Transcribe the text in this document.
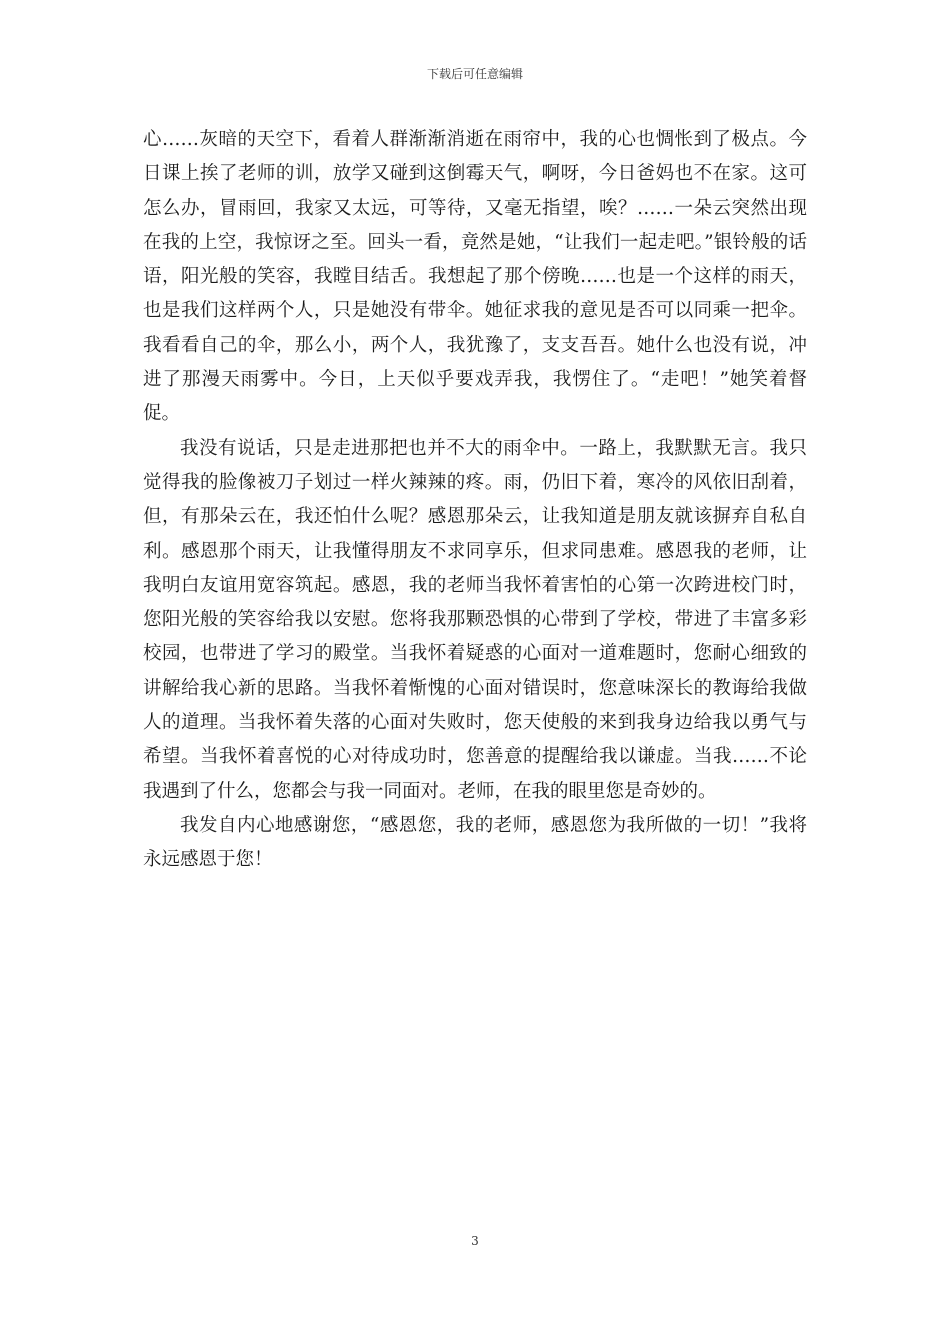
下载后可任意编辑

心……灰暗的天空下，看着人群渐渐消逝在雨帘中，我的心也惆怅到了极点。今日课上挨了老师的训，放学又碰到这倒霉天气，啊呀，今日爸妈也不在家。这可怎么办，冒雨回，我家又太远，可等待，又毫无指望，唉？……一朵云突然出现在我的上空，我惊讶之至。回头一看，竟然是她，“让我们一起走吧。”银铃般的话语，阳光般的笑容，我瞠目结舌。我想起了那个傍晚……也是一个这样的雨天，也是我们这样两个人，只是她没有带伞。她征求我的意见是否可以同乘一把伞。我看看自己的伞，那么小，两个人，我犹豫了，支支吾吾。她什么也没有说，冲进了那漫天雨雾中。今日，上天似乎要戏弄我，我愣住了。“走吧！”她笑着督促。

我没有说话，只是走进那把也并不大的雨伞中。一路上，我默默无言。我只觉得我的脸像被刀子划过一样火辣辣的疼。雨，仍旧下着，寒冷的风依旧刮着，但，有那朵云在，我还怕什么呢？感恩那朵云，让我知道是朋友就该摒弃自私自利。感恩那个雨天，让我懂得朋友不求同享乐，但求同患难。感恩我的老师，让我明白友谊用宽容筑起。感恩，我的老师当我怀着害怕的心第一次跨进校门时，您阳光般的笑容给我以安慰。您将我那颗恐惧的心带到了学校，带进了丰富多彩校园，也带进了学习的殿堂。当我怀着疑惑的心面对一道难题时，您耐心细致的讲解给我心新的思路。当我怀着惭愧的心面对错误时，您意味深长的教诲给我做人的道理。当我怀着失落的心面对失败时，您天使般的来到我身边给我以勇气与希望。当我怀着喜悦的心对待成功时，您善意的提醒给我以谦虚。当我……不论我遇到了什么，您都会与我一同面对。老师，在我的眼里您是奇妙的。

我发自内心地感谢您，“感恩您，我的老师，感恩您为我所做的一切！”我将永远感恩于您！

3
